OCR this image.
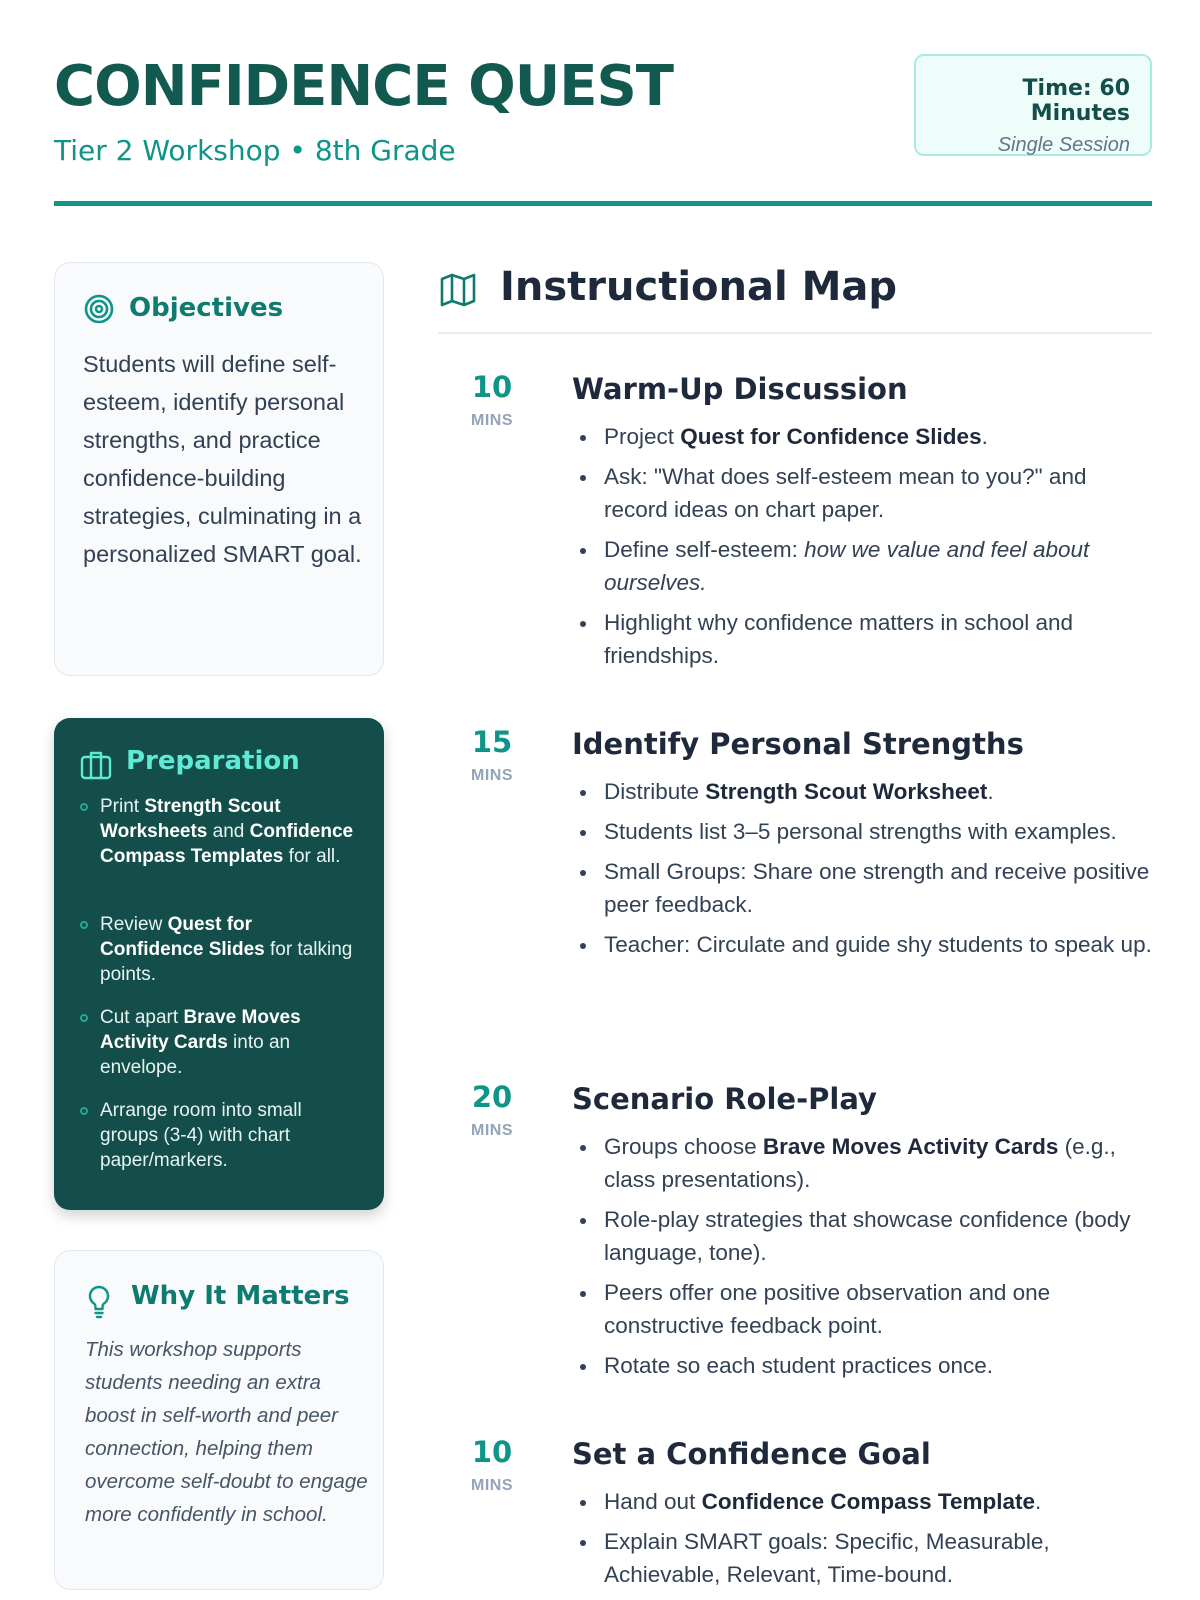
CONFIDENCE QUEST
Tier 2 Workshop • 8th Grade
Time: 60 Minutes
Single Session
Objectives
Students will define self-esteem, identify personal strengths, and practice confidence-building strategies, culminating in a personalized SMART goal.
Preparation
Print Strength Scout Worksheets and Confidence Compass Templates for all.
Review Quest for Confidence Slides for talking points.
Cut apart Brave Moves Activity Cards into an envelope.
Arrange room into small groups (3-4) with chart paper/markers.
Why It Matters
This workshop supports students needing an extra boost in self-worth and peer connection, helping them overcome self-doubt to engage more confidently in school.
Instructional Map
10
MINS
Warm-Up Discussion
Project Quest for Confidence Slides.
Ask: "What does self-esteem mean to you?" and record ideas on chart paper.
Define self-esteem: how we value and feel about ourselves.
Highlight why confidence matters in school and friendships.
15
MINS
Identify Personal Strengths
Distribute Strength Scout Worksheet.
Students list 3–5 personal strengths with examples.
Small Groups: Share one strength and receive positive peer feedback.
Teacher: Circulate and guide shy students to speak up.
20
MINS
Scenario Role-Play
Groups choose Brave Moves Activity Cards (e.g., class presentations).
Role-play strategies that showcase confidence (body language, tone).
Peers offer one positive observation and one constructive feedback point.
Rotate so each student practices once.
10
MINS
Set a Confidence Goal
Hand out Confidence Compass Template.
Explain SMART goals: Specific, Measurable, Achievable, Relevant, Time-bound.
